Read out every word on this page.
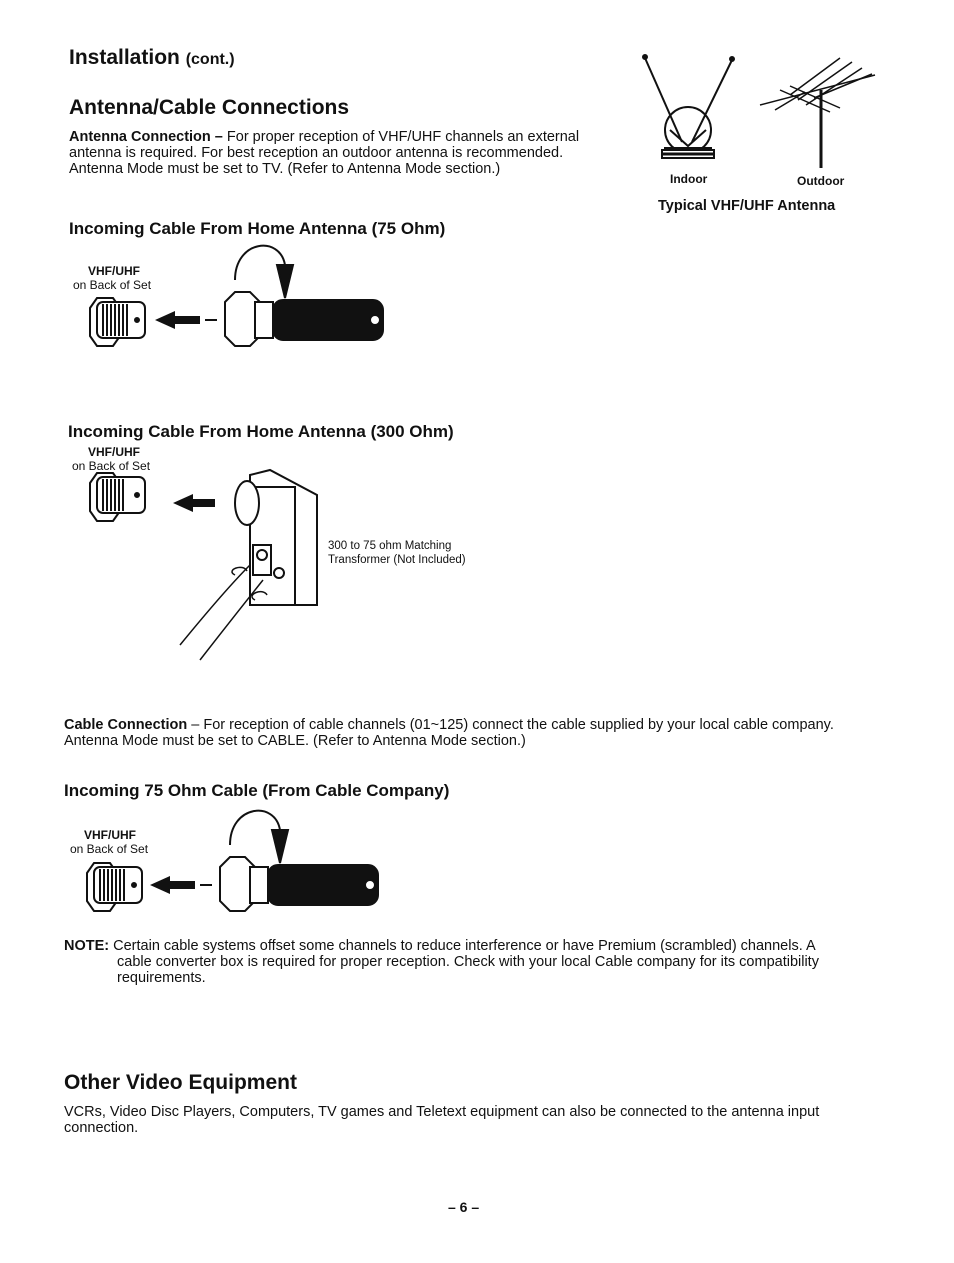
Installation (cont.)
Antenna/Cable Connections
Antenna Connection – For proper reception of VHF/UHF channels an external
antenna is required. For best reception an outdoor antenna is recommended.
Antenna Mode must be set to TV. (Refer to Antenna Mode section.)
Indoor	Outdoor
Typical VHF/UHF Antenna
Incoming Cable From Home Antenna (75 Ohm)
VHF/UHF
on Back of Set
Incoming Cable From Home Antenna (300 Ohm)
VHF/UHF
on Back of Set
300 to 75 ohm Matching
Transformer (Not Included)
Cable Connection – For reception of cable channels (01~125) connect the cable supplied by your local cable company.
Antenna Mode must be set to CABLE. (Refer to Antenna Mode section.)
Incoming 75 Ohm Cable (From Cable Company)
VHF/UHF
on Back of Set
NOTE: Certain cable systems offset some channels to reduce interference or have Premium (scrambled) channels. A
cable converter box is required for proper reception. Check with your local Cable company for its compatibility
requirements.
Other Video Equipment
VCRs, Video Disc Players, Computers, TV games and Teletext equipment can also be connected to the antenna input
connection.
– 6 –
